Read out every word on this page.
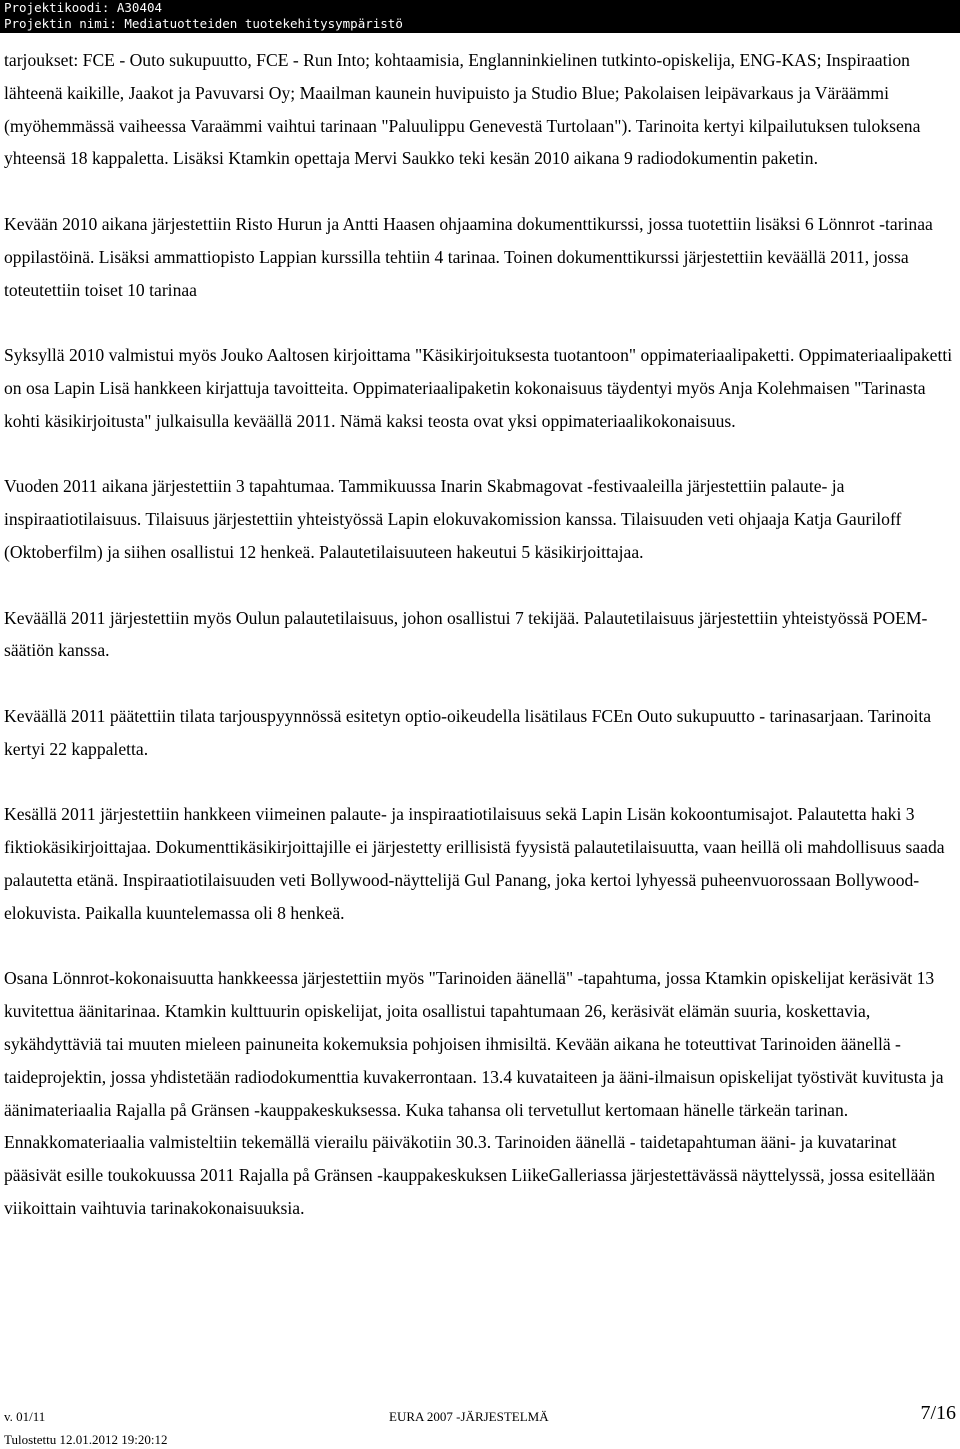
Projektikoodi: A30404
Projektin nimi: Mediatuotteiden tuotekehitysympäristö

tarjoukset: FCE - Outo sukupuutto, FCE - Run Into; kohtaamisia, Englanninkielinen tutkinto-opiskelija, ENG-KAS; Inspiraation lähteenä kaikille, Jaakot ja Pavuvarsi Oy; Maailman kaunein huvipuisto ja Studio Blue; Pakolaisen leipävarkaus ja Väräämmi (myöhemmässä vaiheessa Varaämmi vaihtui tarinaan "Paluulippu Genevestä Turtolaan"). Tarinoita kertyi kilpailutuksen tuloksena yhteensä 18 kappaletta. Lisäksi Ktamkin opettaja Mervi Saukko teki kesän 2010 aikana 9 radiodokumentin paketin.

Kevään 2010 aikana järjestettiin Risto Hurun ja Antti Haasen ohjaamina dokumenttikurssi, jossa tuotettiin lisäksi 6 Lönnrot -tarinaa oppilastöinä. Lisäksi ammattiopisto Lappian kurssilla tehtiin 4 tarinaa. Toinen dokumenttikurssi järjestettiin keväällä 2011, jossa toteutettiin toiset 10 tarinaa

Syksyllä 2010 valmistui myös Jouko Aaltosen kirjoittama "Käsikirjoituksesta tuotantoon" oppimateriaalipaketti. Oppimateriaalipaketti on osa Lapin Lisä hankkeen kirjattuja tavoitteita. Oppimateriaalipaketin kokonaisuus täydentyi myös Anja Kolehmaisen "Tarinasta kohti käsikirjoitusta" julkaisulla keväällä 2011. Nämä kaksi teosta ovat yksi oppimateriaalikokonaisuus.

Vuoden 2011 aikana järjestettiin 3 tapahtumaa. Tammikuussa Inarin Skabmagovat -festivaaleilla järjestettiin palaute- ja inspiraatiotilaisuus. Tilaisuus järjestettiin yhteistyössä Lapin elokuvakomission kanssa. Tilaisuuden veti ohjaaja Katja Gauriloff (Oktoberfilm) ja siihen osallistui 12 henkeä. Palautetilaisuuteen hakeutui 5 käsikirjoittajaa.

Keväällä 2011 järjestettiin myös Oulun palautetilaisuus, johon osallistui 7 tekijää. Palautetilaisuus järjestettiin yhteistyössä POEM-säätiön kanssa.

Keväällä 2011 päätettiin tilata tarjouspyynnössä esitetyn optio-oikeudella lisätilaus FCEn Outo sukupuutto - tarinasarjaan. Tarinoita kertyi 22 kappaletta.

Kesällä 2011 järjestettiin hankkeen viimeinen palaute- ja inspiraatiotilaisuus sekä Lapin Lisän kokoontumisajot. Palautetta haki 3 fiktiokäsikirjoittajaa. Dokumenttikäsikirjoittajille ei järjestetty erillisistä fyysistä palautetilaisuutta, vaan heillä oli mahdollisuus saada palautetta etänä. Inspiraatiotilaisuuden veti Bollywood-näyttelijä Gul Panang, joka kertoi lyhyessä puheenvuorossaan Bollywood-elokuvista. Paikalla kuuntelemassa oli 8 henkeä.

Osana Lönnrot-kokonaisuutta hankkeessa järjestettiin myös "Tarinoiden äänellä" -tapahtuma, jossa Ktamkin opiskelijat keräsivät 13 kuvitettua äänitarinaa. Ktamkin kulttuurin opiskelijat, joita osallistui tapahtumaan 26, keräsivät elämän suuria, koskettavia, sykähdyttäviä tai muuten mieleen painuneita kokemuksia pohjoisen ihmisiltä. Kevään aikana he toteuttivat Tarinoiden äänellä -taideprojektin, jossa yhdistetään radiodokumenttia kuvakerrontaan. 13.4 kuvataiteen ja ääni-ilmaisun opiskelijat työstivät kuvitusta ja äänimateriaalia Rajalla på Gränsen -kauppakeskuksessa. Kuka tahansa oli tervetullut kertomaan hänelle tärkeän tarinan. Ennakkomateriaalia valmisteltiin tekemällä vierailu päiväkotiin 30.3. Tarinoiden äänellä - taidetapahtuman ääni- ja kuvatarinat pääsivät esille toukokuussa 2011 Rajalla på Gränsen -kauppakeskuksen LiikeGalleriassa järjestettävässä näyttelyssä, jossa esitellään viikoittain vaihtuvia tarinakokonaisuuksia.

v. 01/11	EURA 2007 -JÄRJESTELMÄ	7/16
Tulostettu 12.01.2012 19:20:12
